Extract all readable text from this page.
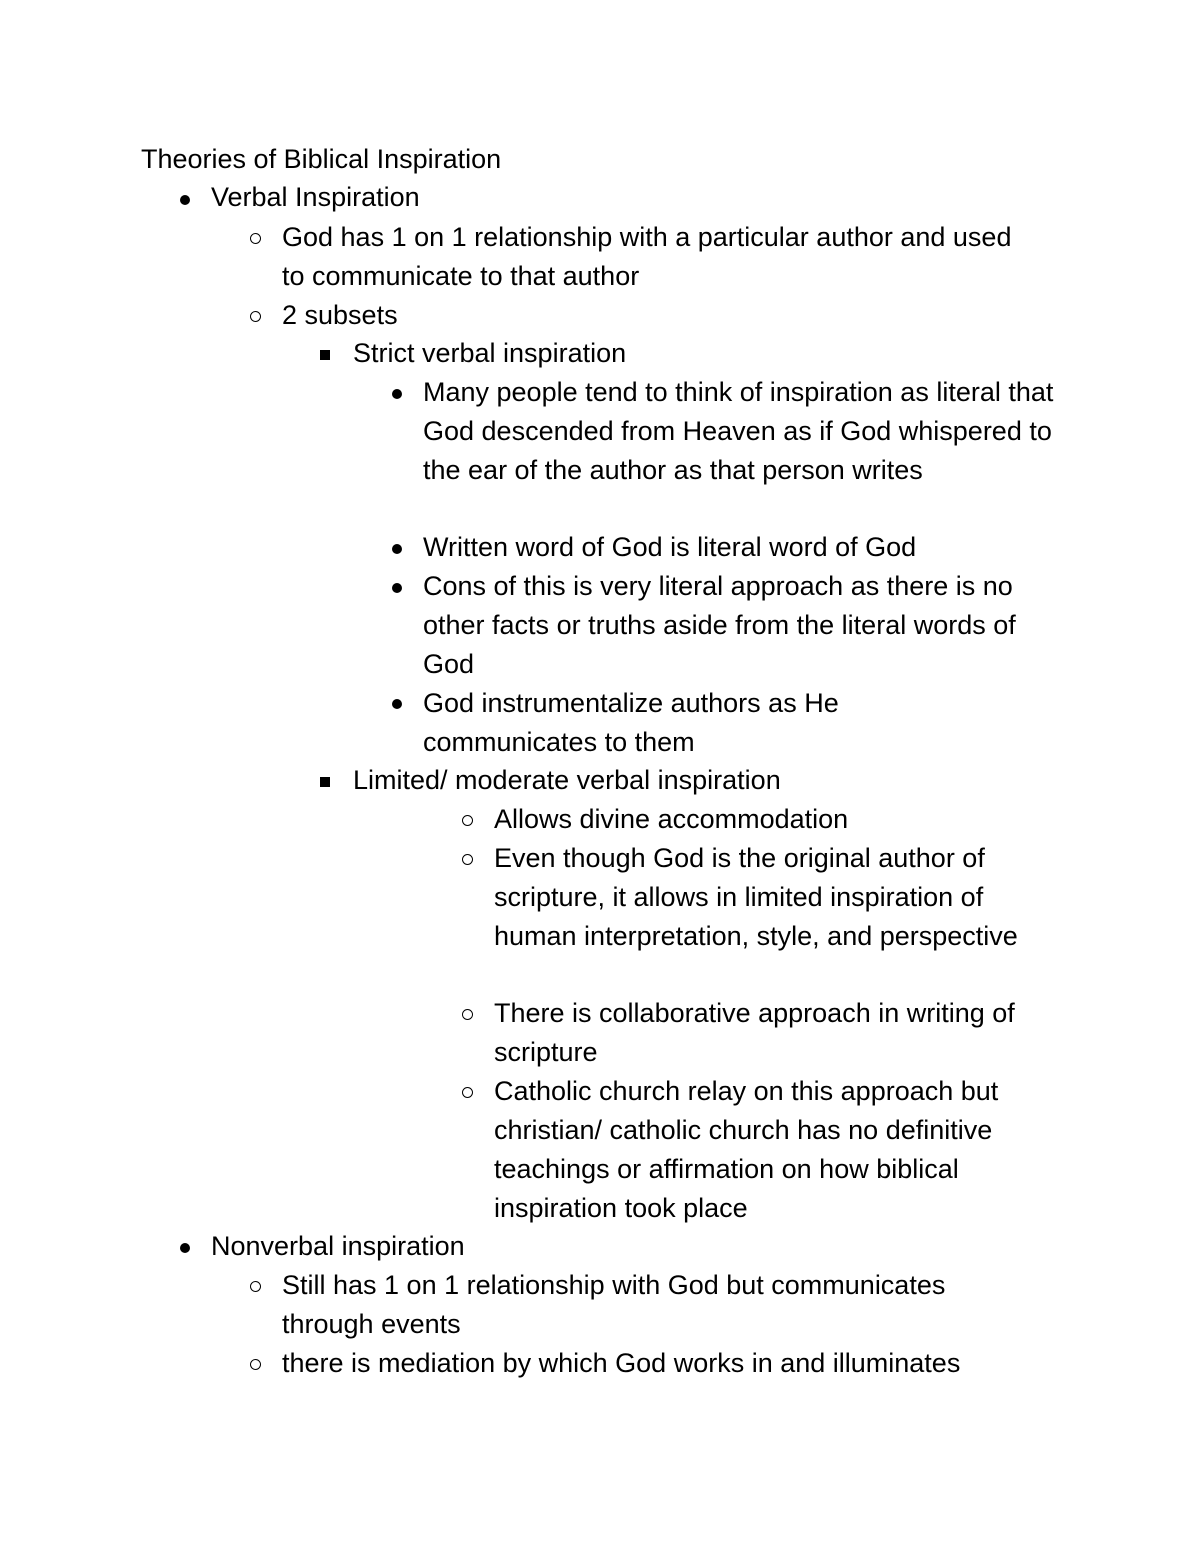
Theories of Biblical Inspiration
Verbal Inspiration
God has 1 on 1 relationship with a particular author and used to communicate to that author
2 subsets
Strict verbal inspiration
Many people tend to think of inspiration as literal that God descended from Heaven as if God whispered to the ear of the author as that person writes
Written word of God is literal word of God
Cons of this is very literal approach as there is no other facts or truths aside from the literal words of God
God instrumentalize authors as He communicates to them
Limited/ moderate verbal inspiration
Allows divine accommodation
Even though God is the original author of scripture, it allows in limited inspiration of human interpretation, style, and perspective
There is collaborative approach in writing of scripture
Catholic church relay on this approach but christian/ catholic church has no definitive teachings or affirmation on how biblical inspiration took place
Nonverbal inspiration
Still has 1 on 1 relationship with God but communicates through events
there is mediation by which God works in and illuminates
